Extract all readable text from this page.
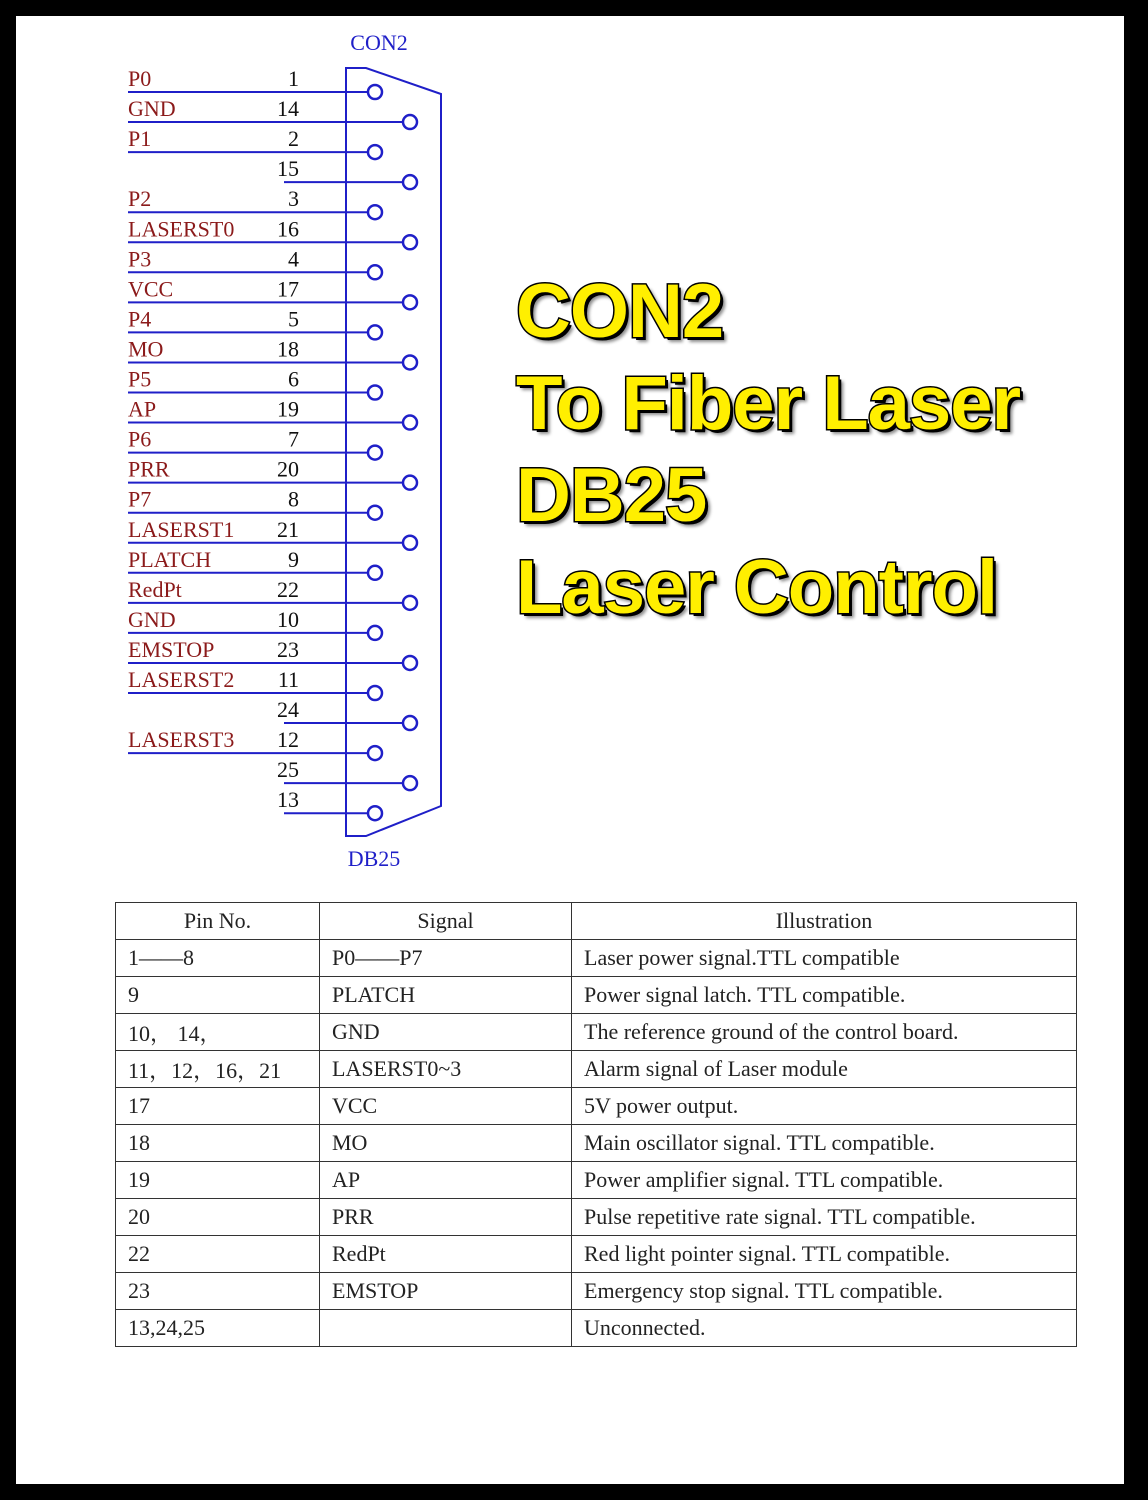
CON2
DB25
1
P0
14
GND
2
P1
15
3
P2
16
LASERST0
4
P3
17
VCC
5
P4
18
MO
6
P5
19
AP
7
P6
20
PRR
8
P7
21
LASERST1
9
PLATCH
22
RedPt
10
GND
23
EMSTOP
11
LASERST2
24
12
LASERST3
25
13
CON2
To Fiber Laser
DB25
Laser Control
Pin No.	Signal	Illustration
1——8	P0——P7	Laser power signal.TTL compatible
9	PLATCH	Power signal latch. TTL compatible.
10， 14，	GND	The reference ground of the control board.
11，12，16，21	LASERST0~3	Alarm signal of Laser module
17	VCC	5V power output.
18	MO	Main oscillator signal. TTL compatible.
19	AP	Power amplifier signal. TTL compatible.
20	PRR	Pulse repetitive rate signal. TTL compatible.
22	RedPt	Red light pointer signal. TTL compatible.
23	EMSTOP	Emergency stop signal. TTL compatible.
13,24,25		Unconnected.
